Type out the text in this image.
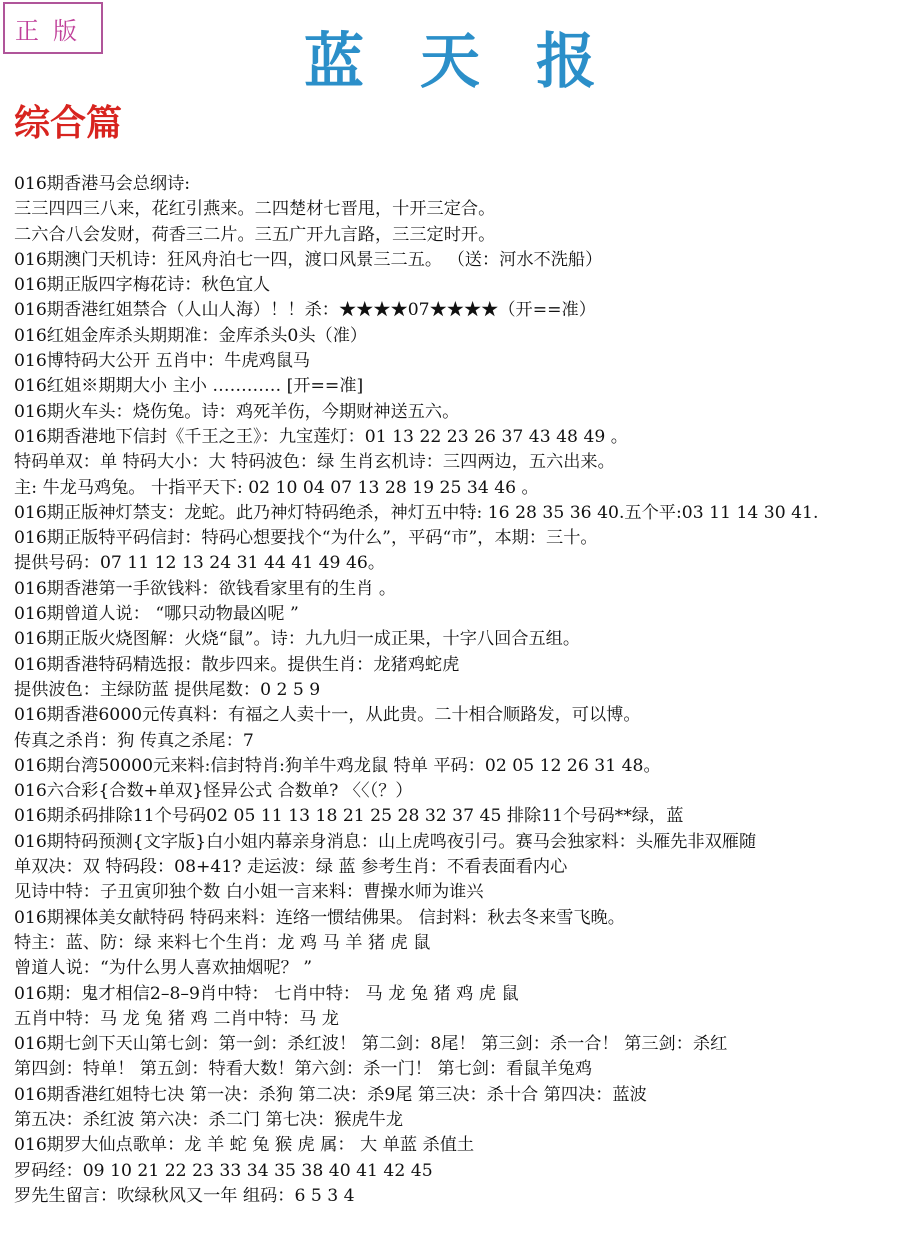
正版	蓝天报
综合篇
016期香港马会总纲诗:
三三四四三八来，花红引燕来。二四楚材七晋甩，十开三定合。
二六合八会发财，荷香三二片。三五广开九言路，三三定时开。
016期澳门天机诗：狂风舟泊七一四，渡口风景三二五。 （送：河水不洗船）
016期正版四字梅花诗：秋色宜人
016期香港红姐禁合（人山人海）！！杀：★★★★07★★★★（开==准）
016红姐金库杀头期期准：金库杀头0头（准）
016博特码大公开 五肖中：牛虎鸡鼠马
016红姐※期期大小 主小 ………… [开==准]
016期火车头：烧伤兔。诗：鸡死羊伤，今期财神送五六。
016期香港地下信封《千王之王》：九宝莲灯：01 13 22 23 26 37 43 48 49 。
特码单双：单 特码大小：大 特码波色：绿 生肖玄机诗：三四两边，五六出来。
主: 牛龙马鸡兔。 十指平天下: 02 10 04 07 13 28 19 25 34 46 。
016期正版神灯禁支：龙蛇。此乃神灯特码绝杀，神灯五中特: 16 28 35 36 40.五个平:03 11 14 30 41.
016期正版特平码信封：特码心想要找个“为什么”，平码“市”，本期：三十。
提供号码：07 11 12 13 24 31 44 41 49 46。
016期香港第一手欲钱料：欲钱看家里有的生肖 。
016期曾道人说： “哪只动物最凶呢 ”
016期正版火烧图解：火烧“鼠”。诗：九九归一成正果，十字八回合五组。
016期香港特码精选报：散步四来。提供生肖：龙猪鸡蛇虎
提供波色：主绿防蓝 提供尾数：0 2 5 9
016期香港6000元传真料：有福之人卖十一，从此贵。二十相合顺路发，可以博。
传真之杀肖：狗 传真之杀尾：7
016期台湾50000元来料:信封特肖:狗羊牛鸡龙鼠 特单 平码：02 05 12 26 31 48。
016六合彩{合数+单双}怪异公式 合数单? 〈〈（？）
016期杀码排除11个号码02 05 11 13 18 21 25 28 32 37 45 排除11个号码**绿，蓝
016期特码预测{文字版}白小姐内幕亲身消息：山上虎鸣夜引弓。赛马会独家料：头雁先非双雁随
单双决：双 特码段：08+41? 走运波：绿 蓝 参考生肖：不看表面看内心
见诗中特：子丑寅卯独个数 白小姐一言来料：曹操水师为谁兴
016期裸体美女献特码 特码来料：连络一惯结佛果。 信封料：秋去冬来雪飞晚。
特主：蓝、防：绿 来料七个生肖：龙 鸡 马 羊 猪 虎 鼠
曾道人说：“为什么男人喜欢抽烟呢？ ”
016期：鬼才相信2–8–9肖中特： 七肖中特： 马 龙 兔 猪 鸡 虎 鼠
五肖中特：马 龙 兔 猪 鸡 二肖中特：马 龙
016期七剑下天山第七剑：第一剑：杀红波！ 第二剑：8尾！ 第三剑：杀一合！ 第三剑：杀红
第四剑：特单！ 第五剑：特看大数！第六剑：杀一门！ 第七剑：看鼠羊兔鸡
016期香港红姐特七决 第一决：杀狗 第二决：杀9尾 第三决：杀十合 第四决：蓝波
第五决：杀红波 第六决：杀二门 第七决：猴虎牛龙
016期罗大仙点歌单：龙 羊 蛇 兔 猴 虎 属： 大 单蓝 杀值土
罗码经：09 10 21 22 23 33 34 35 38 40 41 42 45
罗先生留言：吹绿秋风又一年 组码：6 5 3 4
